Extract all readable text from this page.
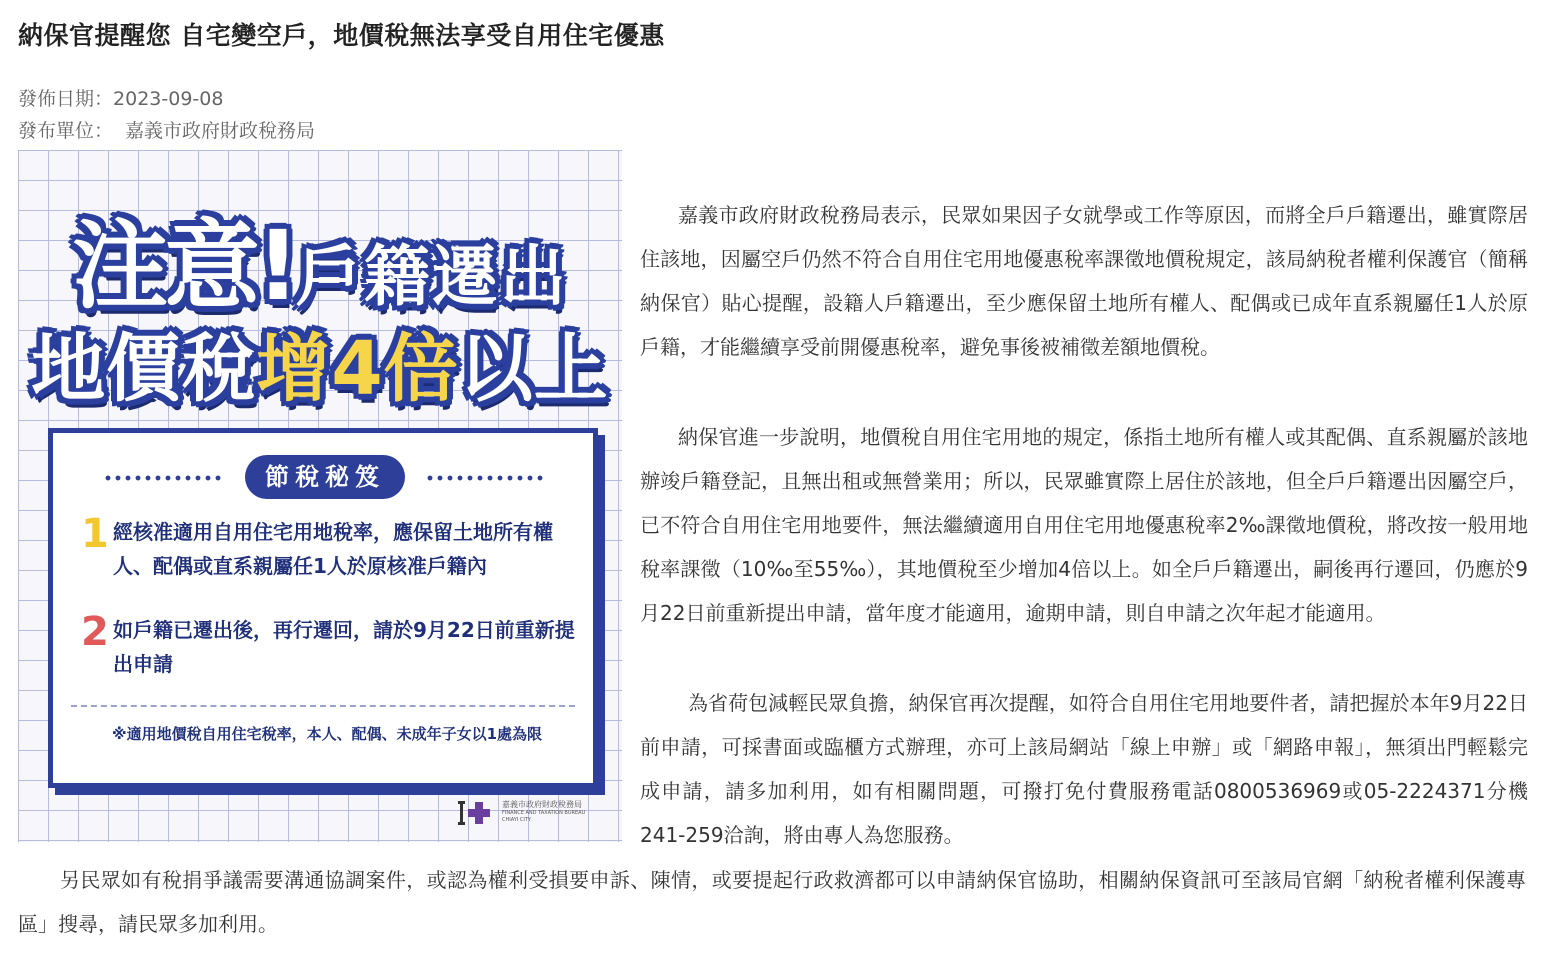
納保官提醒您 自宅變空戶，地價稅無法享受自用住宅優惠
發佈日期：2023-09-08
發布單位： 嘉義市政府財政稅務局
注意!戶籍遷出
地價稅增4倍以上
節稅秘笈
1 經核准適用自用住宅用地稅率，應保留土地所有權人、配偶或直系親屬任1人於原核准戶籍內
2 如戶籍已遷出後，再行遷回，請於9月22日前重新提出申請
※適用地價稅自用住宅稅率，本人、配偶、未成年子女以1處為限
嘉義市政府財政稅務局
FINANCE AND TAXATION BUREAU
CHIAYI CITY
嘉義市政府財政稅務局表示，民眾如果因子女就學或工作等原因，而將全戶戶籍遷出，雖實際居住該地，因屬空戶仍然不符合自用住宅用地優惠稅率課徵地價稅規定，該局納稅者權利保護官（簡稱納保官）貼心提醒，設籍人戶籍遷出，至少應保留土地所有權人、配偶或已成年直系親屬任1人於原戶籍，才能繼續享受前開優惠稅率，避免事後被補徵差額地價稅。
納保官進一步說明，地價稅自用住宅用地的規定，係指土地所有權人或其配偶、直系親屬於該地辦竣戶籍登記，且無出租或無營業用；所以，民眾雖實際上居住於該地，但全戶戶籍遷出因屬空戶，已不符合自用住宅用地要件，無法繼續適用自用住宅用地優惠稅率2‰課徵地價稅，將改按一般用地稅率課徵（10‰至55‰），其地價稅至少增加4倍以上。如全戶戶籍遷出，嗣後再行遷回，仍應於9月22日前重新提出申請，當年度才能適用，逾期申請，則自申請之次年起才能適用。
為省荷包減輕民眾負擔，納保官再次提醒，如符合自用住宅用地要件者，請把握於本年9月22日前申請，可採書面或臨櫃方式辦理，亦可上該局網站「線上申辦」或「網路申報」，無須出門輕鬆完成申請，請多加利用，如有相關問題，可撥打免付費服務電話0800536969或05-2224371分機241-259洽詢，將由專人為您服務。
另民眾如有稅捐爭議需要溝通協調案件，或認為權利受損要申訴、陳情，或要提起行政救濟都可以申請納保官協助，相關納保資訊可至該局官網「納稅者權利保護專區」搜尋，請民眾多加利用。
